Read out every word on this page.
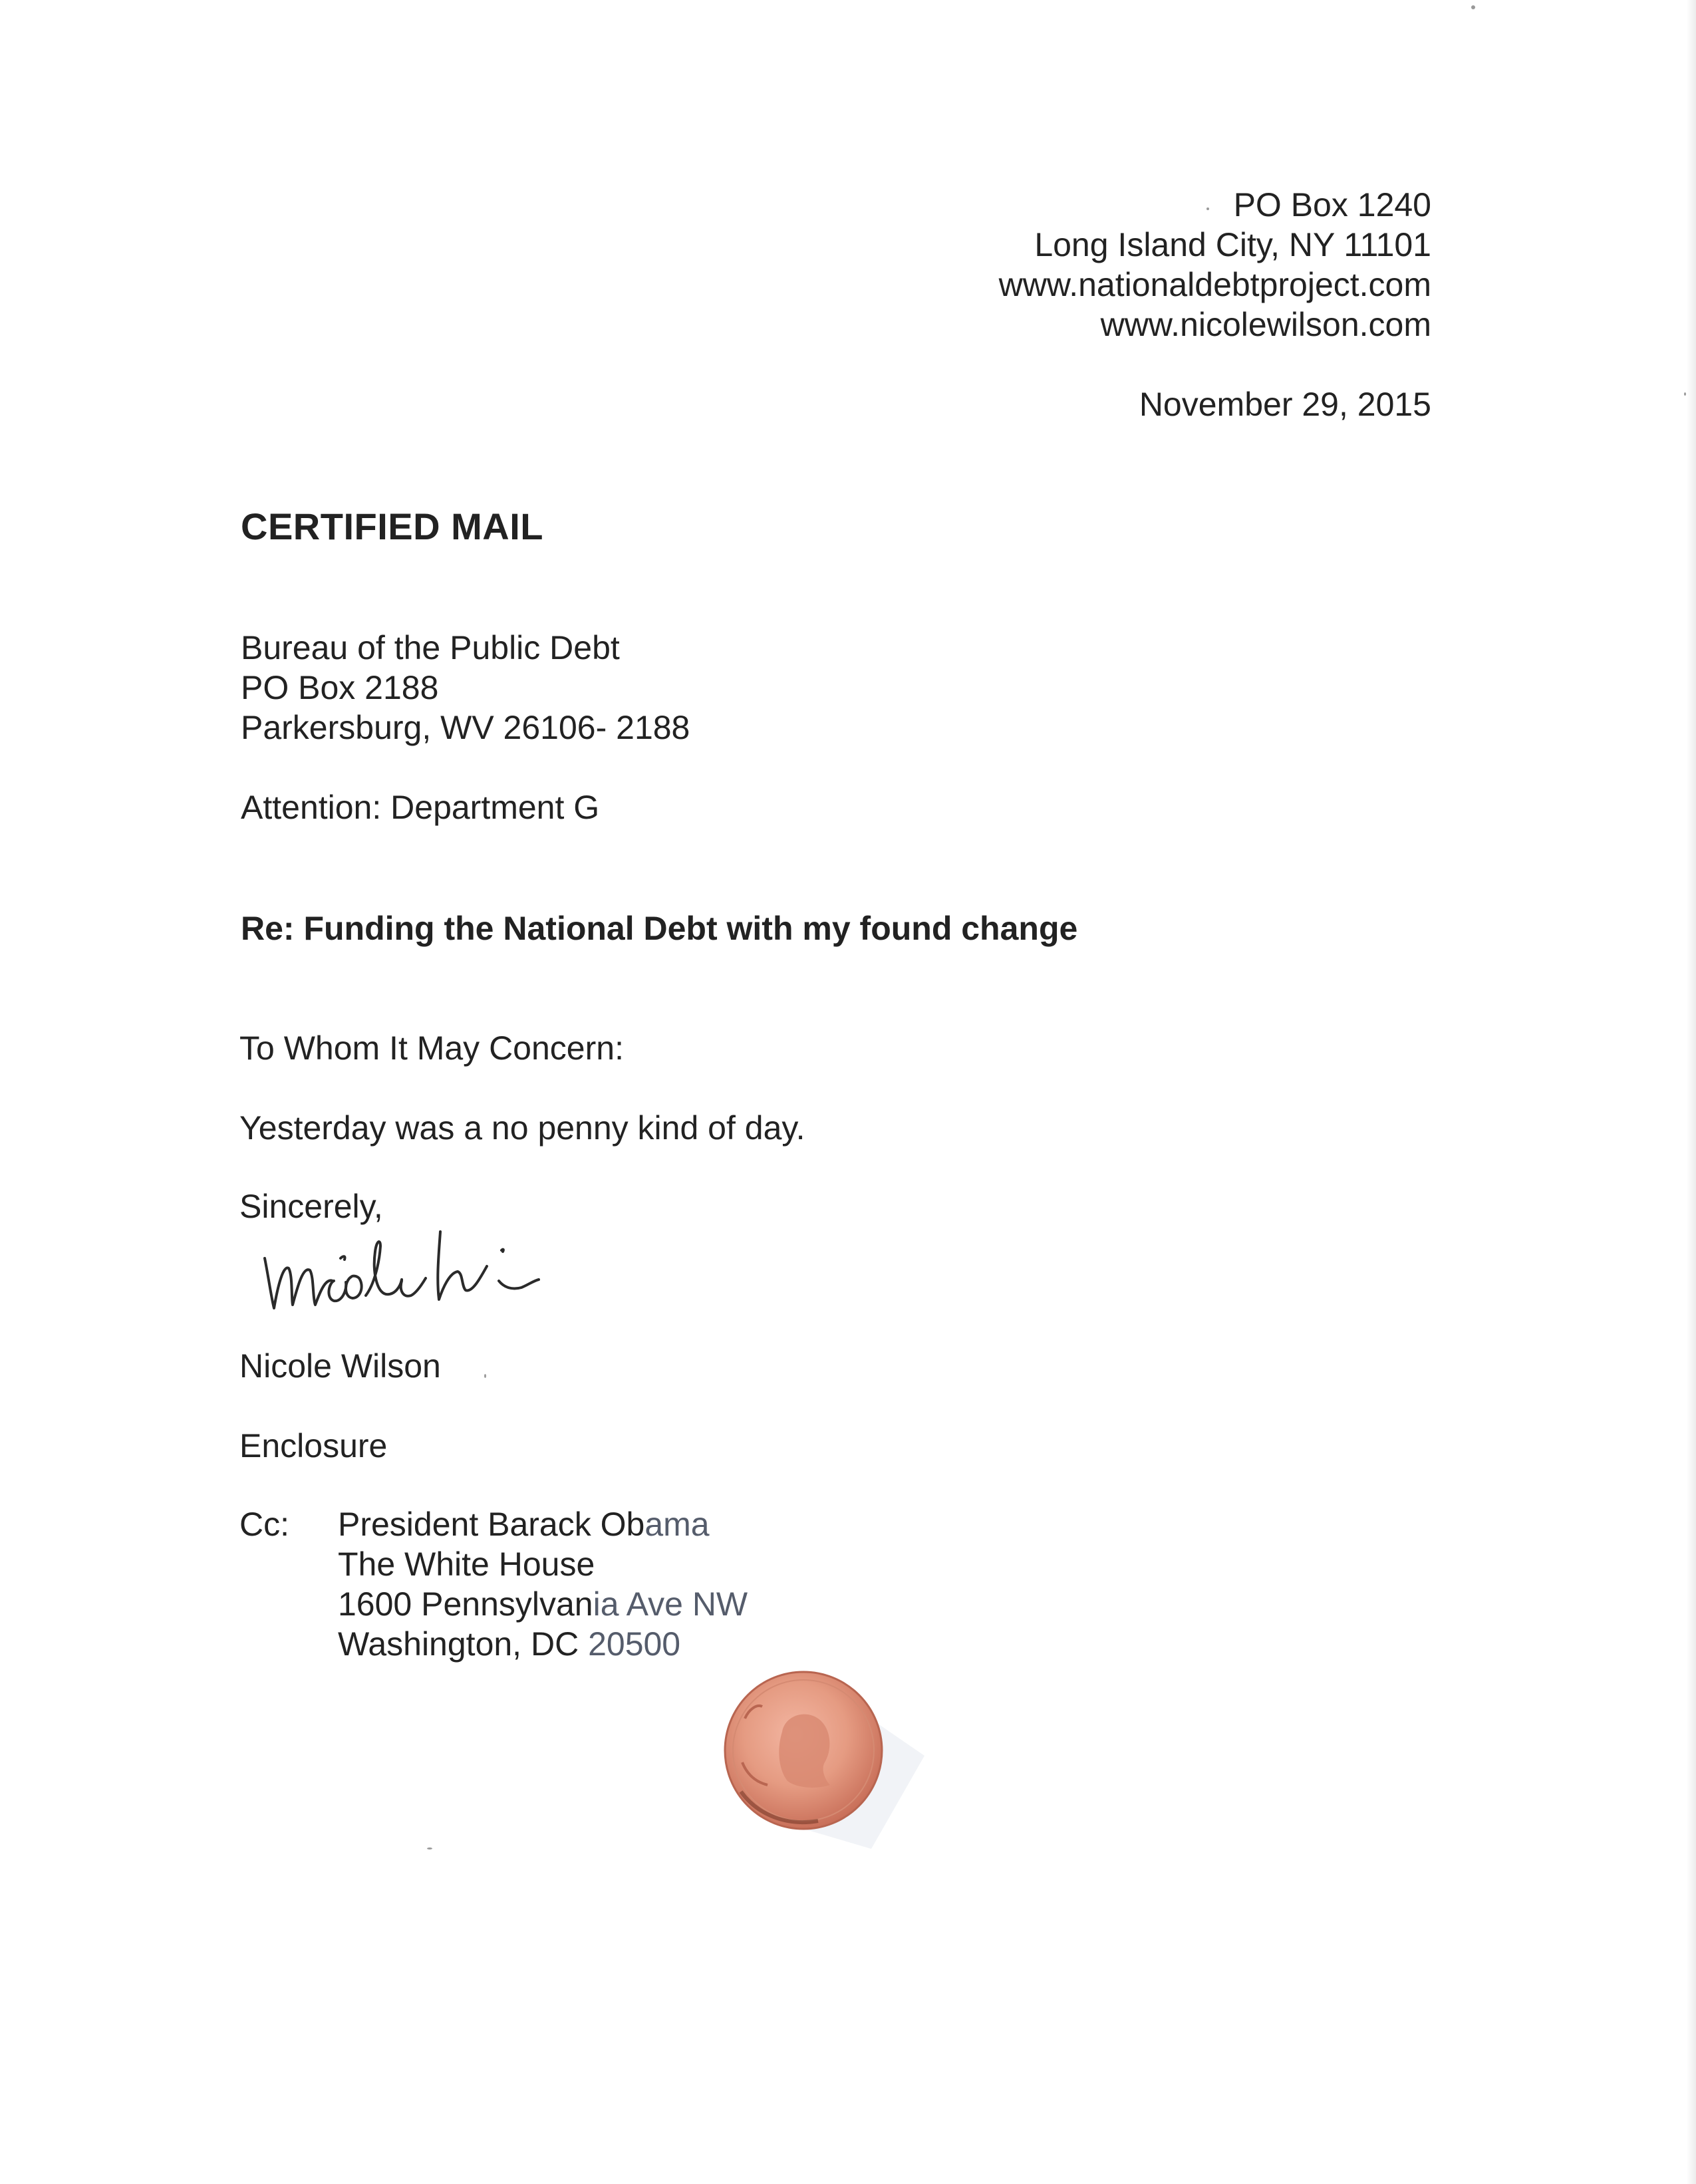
PO Box 1240
Long Island City, NY 11101
www.nationaldebtproject.com
www.nicolewilson.com
November 29, 2015
CERTIFIED MAIL
Bureau of the Public Debt
PO Box 2188
Parkersburg, WV 26106- 2188
Attention: Department G
Re: Funding the National Debt with my found change
To Whom It May Concern:
Yesterday was a no penny kind of day.
Sincerely,
Nicole Wilson
Enclosure
Cc: President Barack Obama
The White House
1600 Pennsylvania Ave NW
Washington, DC 20500
